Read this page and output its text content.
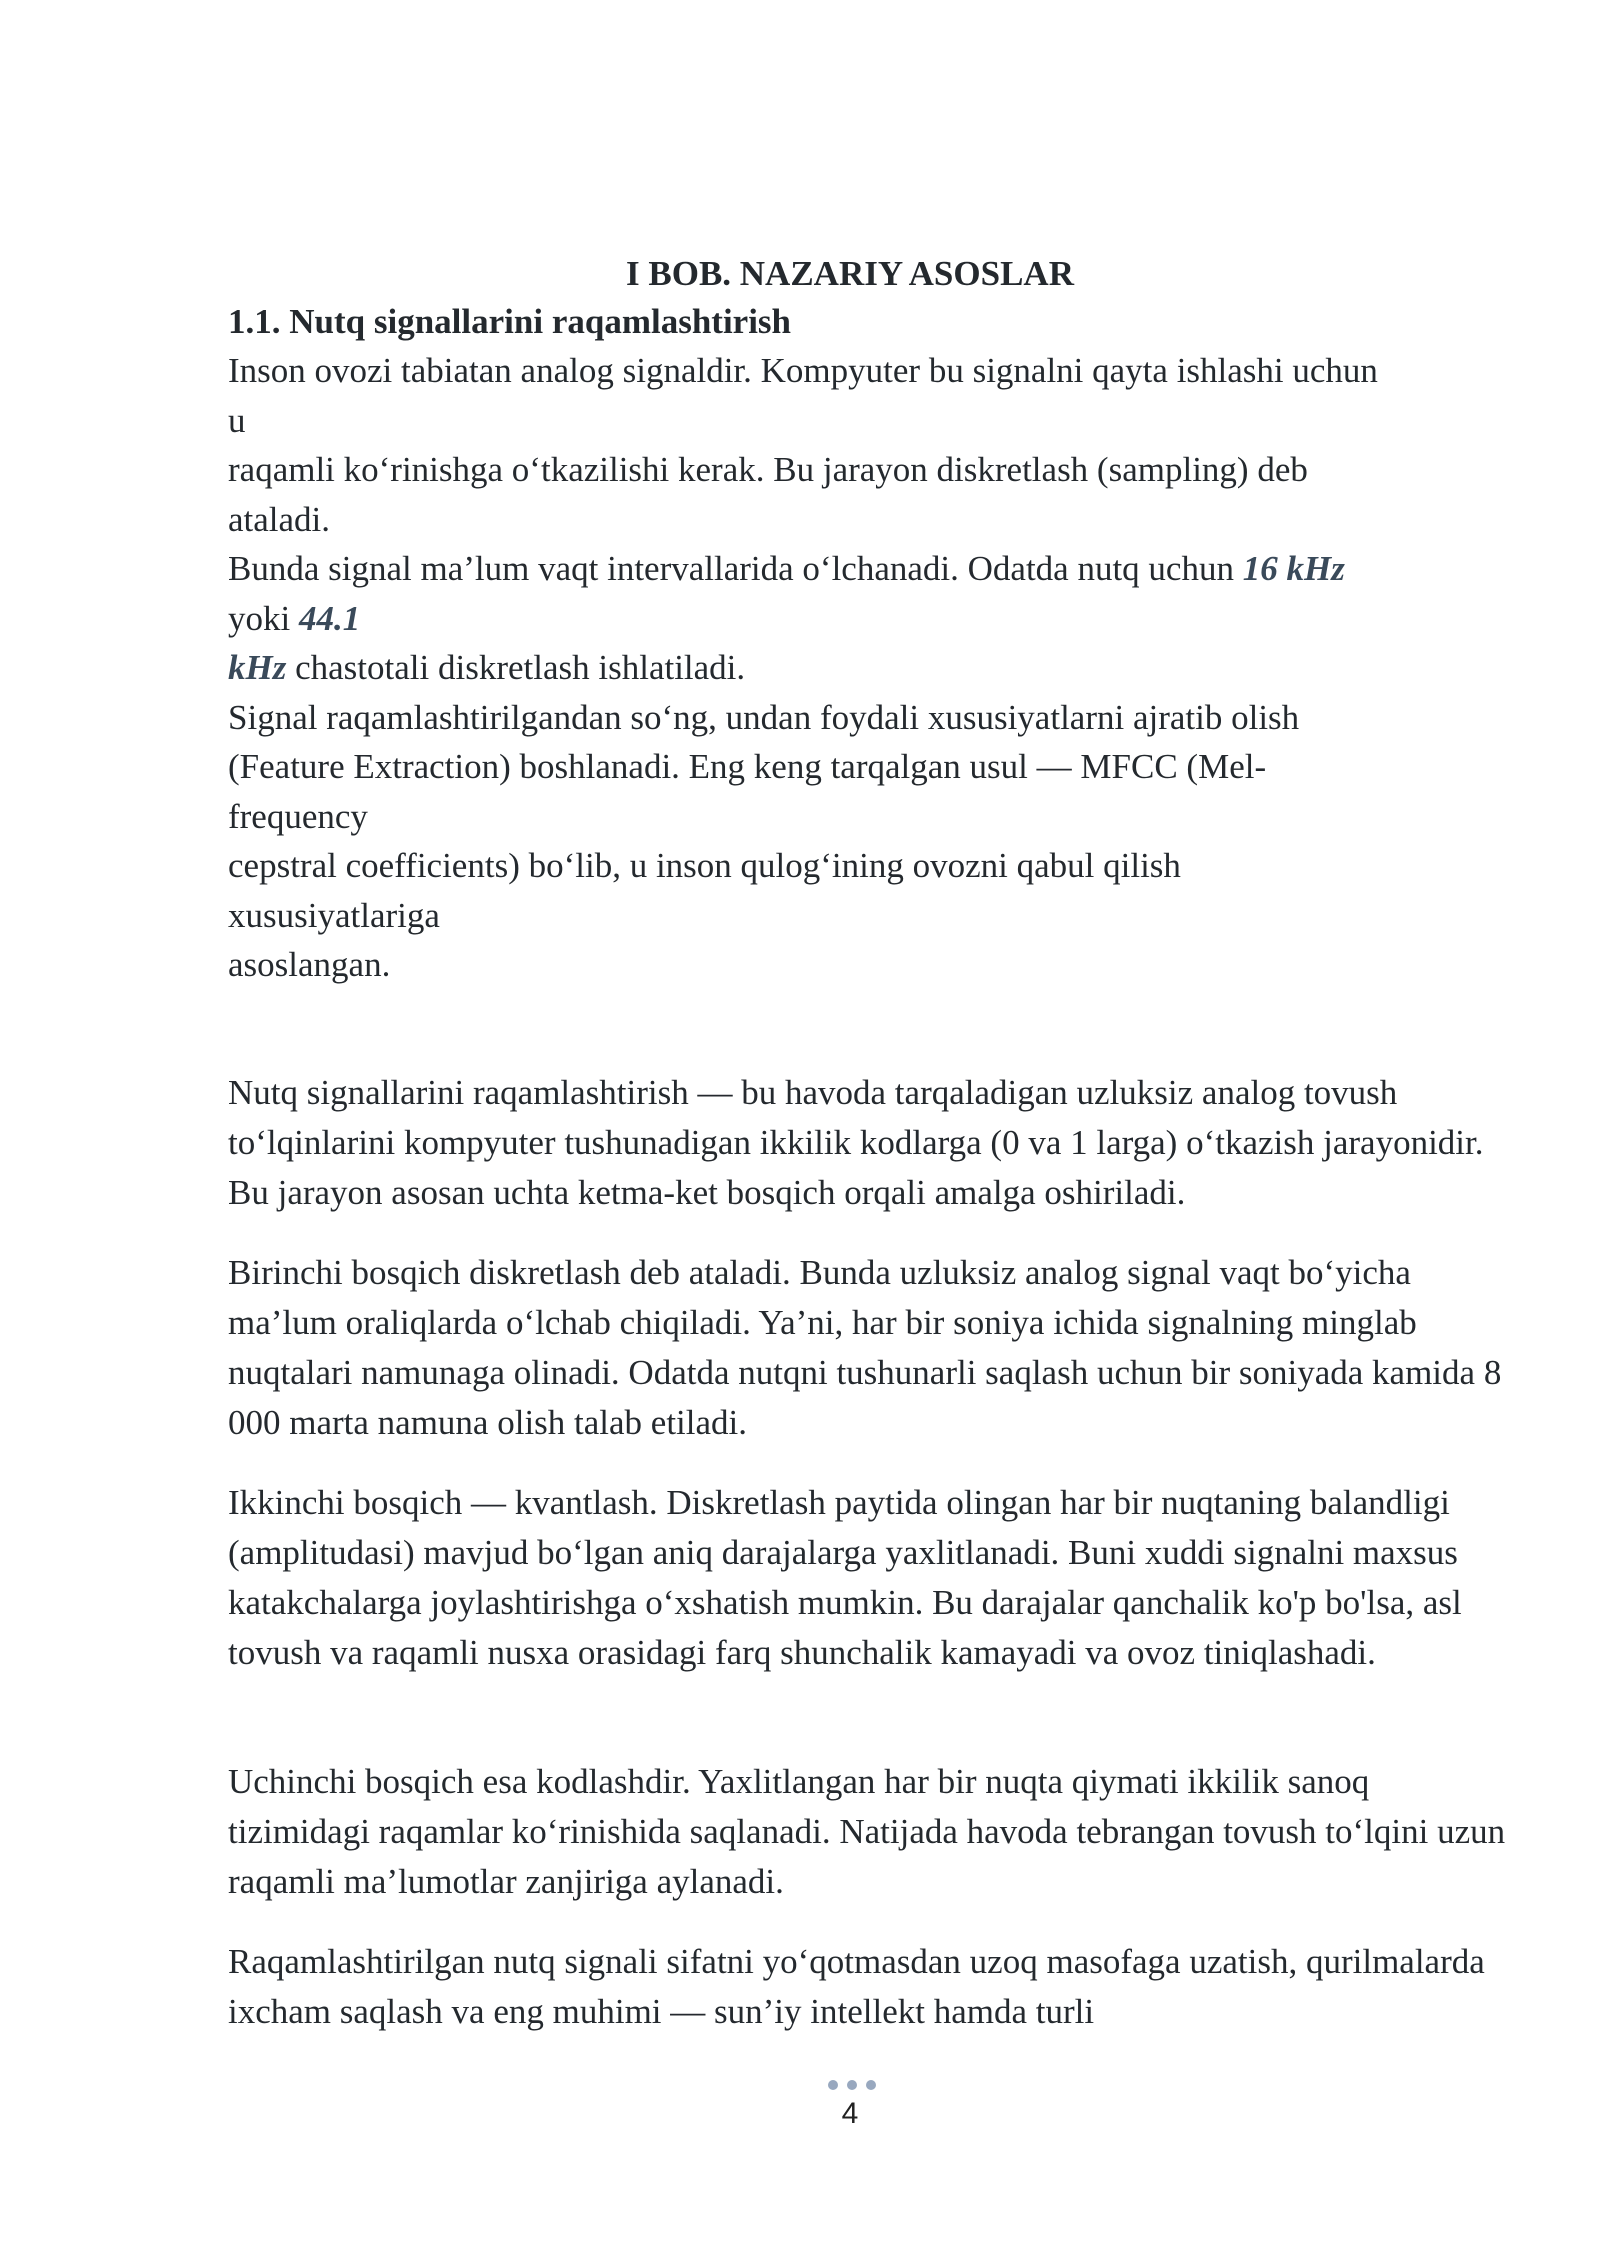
I BOB. NAZARIY ASOSLAR
1.1. Nutq signallarini raqamlashtirish
Inson ovozi tabiatan analog signaldir. Kompyuter bu signalni qayta ishlashi uchun
u
raqamli ko‘rinishga o‘tkazilishi kerak. Bu jarayon diskretlash (sampling) deb
ataladi.
Bunda signal ma’lum vaqt intervallarida o‘lchanadi. Odatda nutq uchun 16 kHz
yoki 44.1
kHz chastotali diskretlash ishlatiladi.
Signal raqamlashtirilgandan so‘ng, undan foydali xususiyatlarni ajratib olish
(Feature Extraction) boshlanadi. Eng keng tarqalgan usul — MFCC (Mel-
frequency
cepstral coefficients) bo‘lib, u inson qulog‘ining ovozni qabul qilish
xususiyatlariga
asoslangan.

Nutq signallarini raqamlashtirish — bu havoda tarqaladigan uzluksiz analog tovush to‘lqinlarini kompyuter tushunadigan ikkilik kodlarga (0 va 1 larga) o‘tkazish jarayonidir. Bu jarayon asosan uchta ketma-ket bosqich orqali amalga oshiriladi.

Birinchi bosqich diskretlash deb ataladi. Bunda uzluksiz analog signal vaqt bo‘yicha ma’lum oraliqlarda o‘lchab chiqiladi. Ya’ni, har bir soniya ichida signalning minglab nuqtalari namunaga olinadi. Odatda nutqni tushunarli saqlash uchun bir soniyada kamida 8 000 marta namuna olish talab etiladi.

Ikkinchi bosqich — kvantlash. Diskretlash paytida olingan har bir nuqtaning balandligi (amplitudasi) mavjud bo‘lgan aniq darajalarga yaxlitlanadi. Buni xuddi signalni maxsus katakchalarga joylashtirishga o‘xshatish mumkin. Bu darajalar qanchalik ko'p bo'lsa, asl tovush va raqamli nusxa orasidagi farq shunchalik kamayadi va ovoz tiniqlashadi.

Uchinchi bosqich esa kodlashdir. Yaxlitlangan har bir nuqta qiymati ikkilik sanoq tizimidagi raqamlar ko‘rinishida saqlanadi. Natijada havoda tebrangan tovush to‘lqini uzun raqamli ma’lumotlar zanjiriga aylanadi.

Raqamlashtirilgan nutq signali sifatni yo‘qotmasdan uzoq masofaga uzatish, qurilmalarda ixcham saqlash va eng muhimi — sun’iy intellekt hamda turli

4
